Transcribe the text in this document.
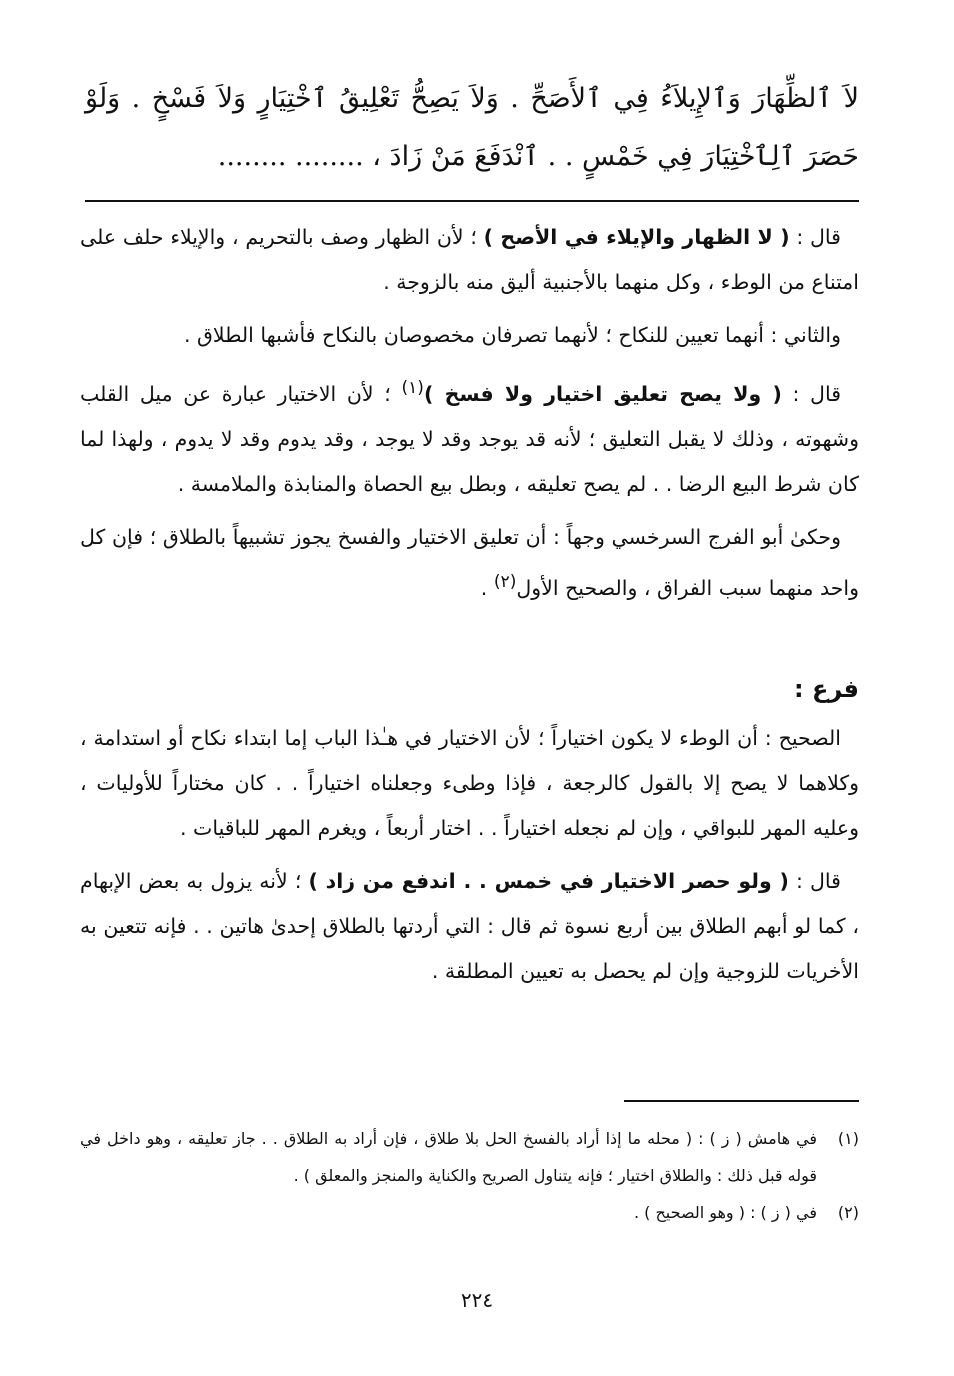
لاَ ٱلظِّهَارَ وَٱلإِيلاَءُ فِي ٱلأَصَحِّ . وَلاَ يَصِحُّ تَعْلِيقُ ٱخْتِيَارٍ وَلاَ فَسْخٍ . وَلَوْ حَصَرَ ٱلِٱخْتِيَارَ فِي خَمْسٍ . . ٱنْدَفَعَ مَنْ زَادَ ، ........ ........

قال : ( لا الظهار والإيلاء في الأصح ) ؛ لأن الظهار وصف بالتحريم ، والإيلاء حلف على امتناع من الوطء ، وكل منهما بالأجنبية أليق منه بالزوجة .

والثاني : أنهما تعيين للنكاح ؛ لأنهما تصرفان مخصوصان بالنكاح فأشبها الطلاق .

قال : ( ولا يصح تعليق اختيار ولا فسخ )$^{(١)}$ ؛ لأن الاختيار عبارة عن ميل القلب وشهوته ، وذلك لا يقبل التعليق ؛ لأنه قد يوجد وقد لا يوجد ، وقد يدوم وقد لا يدوم ، ولهذا لما كان شرط البيع الرضا . . لم يصح تعليقه ، وبطل بيع الحصاة والمنابذة والملامسة .

وحكىٰ أبو الفرج السرخسي وجهاً : أن تعليق الاختيار والفسخ يجوز تشبيهاً بالطلاق ؛ فإن كل واحد منهما سبب الفراق ، والصحيح الأول$^{(٢)}$ .

فرع :

الصحيح : أن الوطء لا يكون اختياراً ؛ لأن الاختيار في هـٰذا الباب إما ابتداء نكاح أو استدامة ، وكلاهما لا يصح إلا بالقول كالرجعة ، فإذا وطىء وجعلناه اختياراً . . كان مختاراً للأوليات ، وعليه المهر للبواقي ، وإن لم نجعله اختياراً . . اختار أربعاً ، ويغرم المهر للباقيات .

قال : ( ولو حصر الاختيار في خمس . . اندفع من زاد ) ؛ لأنه يزول به بعض الإبهام ، كما لو أبهم الطلاق بين أربع نسوة ثم قال : التي أردتها بالطلاق إحدىٰ هاتين . . فإنه تتعين به الأخريات للزوجية وإن لم يحصل به تعيين المطلقة .

(١)
في هامش ( ز ) : ( محله ما إذا أراد بالفسخ الحل بلا طلاق ، فإن أراد به الطلاق . . جاز تعليقه ، وهو داخل في قوله قبل ذلك : والطلاق اختيار ؛ فإنه يتناول الصريح والكناية والمنجز والمعلق ) .
(٢)
في ( ز ) : ( وهو الصحيح ) .
٢٢٤
